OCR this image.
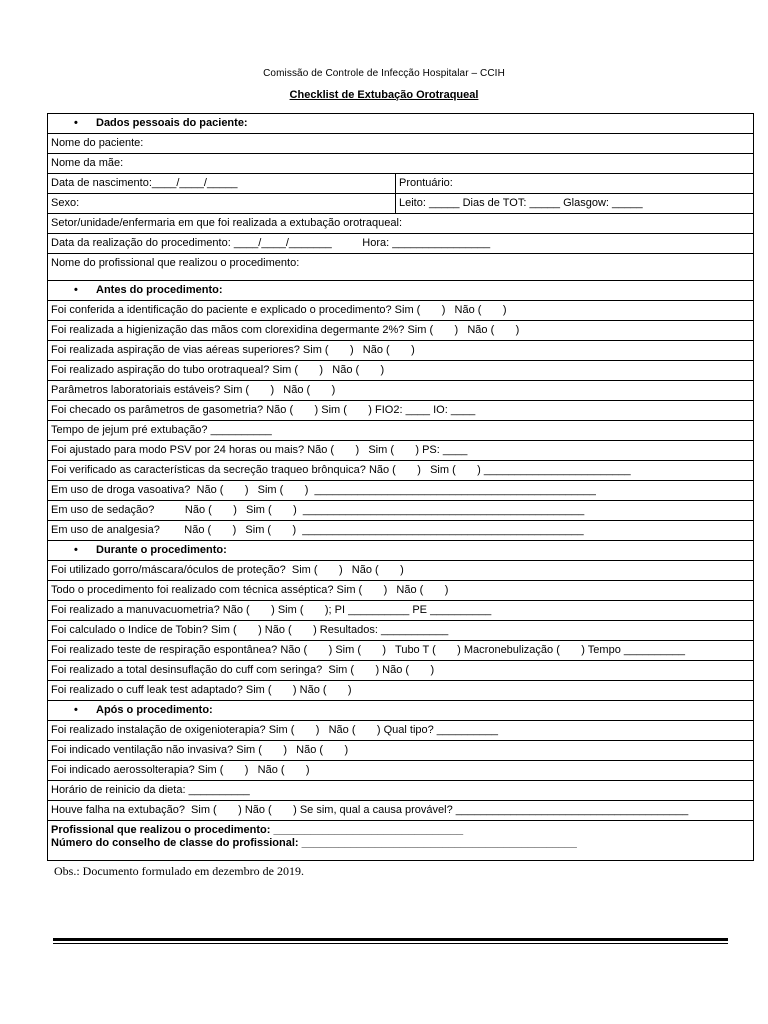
Comissão de Controle de Infecção Hospitalar – CCIH
Checklist de Extubação Orotraqueal
• Dados pessoais do paciente:	
Nome do paciente:	
Nome da mãe:	
Data de nascimento:____/____/_____	Prontuário:
Sexo:	Leito: _____ Dias de TOT: _____ Glasgow: _____
Setor/unidade/enfermaria em que foi realizada a extubação orotraqueal:	
Data da realização do procedimento: ____/____/_______          Hora: ________________	
Nome do profissional que realizou o procedimento:	
• Antes do procedimento:	
Foi conferida a identificação do paciente e explicado o procedimento? Sim (       )   Não (       )	
Foi realizada a higienização das mãos com clorexidina degermante 2%? Sim (       )   Não (       )	
Foi realizada aspiração de vias aéreas superiores? Sim (       )   Não (       )	
Foi realizado aspiração do tubo orotraqueal? Sim (       )   Não (       )	
Parâmetros laboratoriais estáveis? Sim (       )   Não (       )	
Foi checado os parâmetros de gasometria? Não (       ) Sim (       ) FIO2: ____ IO: ____	
Tempo de jejum pré extubação? __________	
Foi ajustado para modo PSV por 24 horas ou mais? Não (       )   Sim (       ) PS: ____	
Foi verificado as características da secreção traqueo brônquica? Não (       )   Sim (       ) ________________________	
Em uso de droga vasoativa?  Não (       )   Sim (       )  ______________________________________________	
Em uso de sedação?          Não (       )   Sim (       )  ______________________________________________	
Em uso de analgesia?        Não (       )   Sim (       )  ______________________________________________	
• Durante o procedimento:	
Foi utilizado gorro/máscara/óculos de proteção?  Sim (       )   Não (       )	
Todo o procedimento foi realizado com técnica asséptica? Sim (       )   Não (       )	
Foi realizado a manuvacuometria? Não (       ) Sim (       ); PI __________ PE __________	
Foi calculado o Indice de Tobin? Sim (       ) Não (       ) Resultados: ___________	
Foi realizado teste de respiração espontânea? Não (       ) Sim (       )   Tubo T (       ) Macronebulização (       ) Tempo __________	
Foi realizado a total desinsuflação do cuff com seringa?  Sim (       ) Não (       )	
Foi realizado o cuff leak test adaptado? Sim (       ) Não (       )	
• Após o procedimento:	
Foi realizado instalação de oxigenioterapia? Sim (       )   Não (       ) Qual tipo? __________	
Foi indicado ventilação não invasiva? Sim (       )   Não (       )	
Foi indicado aerossolterapia? Sim (       )   Não (       )	
Horário de reinicio da dieta: __________	
Houve falha na extubação?  Sim (       ) Não (       ) Se sim, qual a causa provável? ______________________________________	

Profissional que realizou o procedimento: _______________________________
Número do conselho de classe do profissional: _____________________________________________	
Obs.: Documento formulado em dezembro de 2019.
